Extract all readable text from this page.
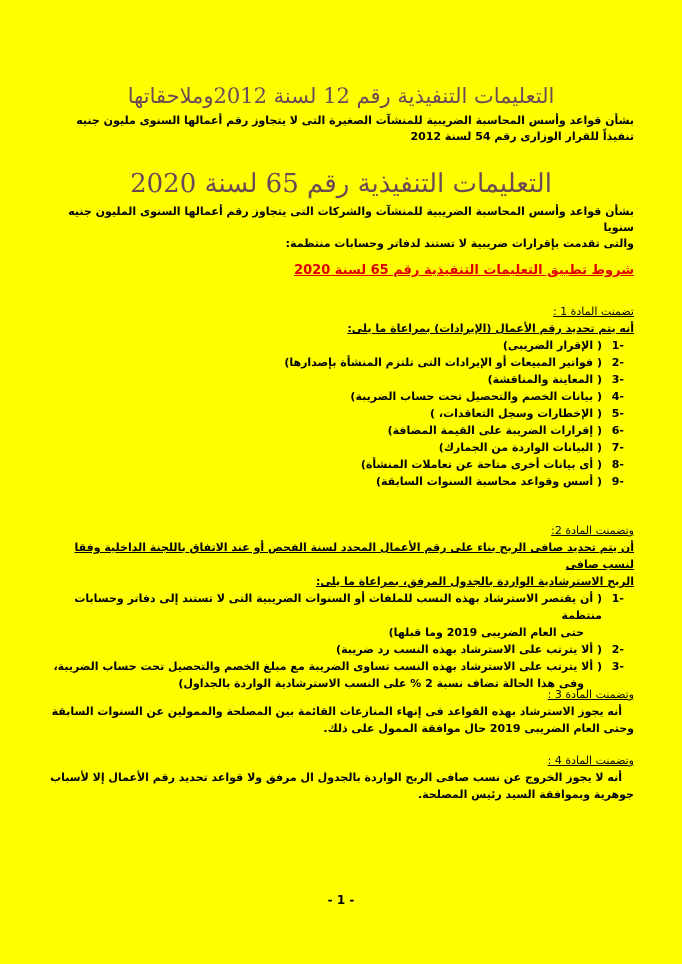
التعليمات التنفيذية رقم 12 لسنة 2012وملاحقاتها
بشأن قواعد وأسس المحاسبة الضريبية للمنشآت الصغيرة التى لا يتجاوز رقم أعمالها السنوى مليون جنيه
تنفيذاً للقرار الوزارى رقم 54 لسنة 2012
التعليمات التنفيذية رقم 65 لسنة 2020
بشأن قواعد وأسس المحاسبة الضريبية للمنشآت والشركات التى يتجاوز رقم أعمالها السنوى المليون جنيه سنويا
والتى تقدمت بإقرارات ضريبية لا تستند لدفاتر وحسابات منتظمة:
شروط تطبيق التعليمات التنفيذية رقم 65 لسنة 2020
تضمنت المادة 1 :
أنه يتم تحديد رقم الأعمال (الإيرادات) بمراعاة ما يلى:
-1
( الإقرار الضريبى)
-2
( فواتير المبيعات أو الإيرادات التى تلتزم المنشأة بإصدارها)
-3
( المعاينة والمناقشة)
-4
( بيانات الخصم والتحصيل تحت حساب الضريبة)
-5
( الإخطارات وسجل التعاقدات، )
-6
( إقرارات الضريبة على القيمة المضافة)
-7
( البيانات الواردة من الجمارك)
-8
( أى بيانات أخرى متاحة عن تعاملات المنشأة)
-9
( أسس وقواعد محاسبة السنوات السابقة)
وتضمنت المادة 2:
أن يتم تحديد صافى الربح بناء على رقم الأعمال المحدد لسنة الفحص أو عند الاتفاق باللجنة الداخلية وفقا لنسب صافى
الربح الاسترشادية الواردة بالجدول المرفق، بمراعاة ما يلى:
-1
( أن يقتصر الاسترشاد بهذه النسب للملفات أو السنوات الضريبية التى لا تستند إلى دفاتر وحسابات منتظمة
حتى العام الضريبى 2019 وما قبلها)
-2
( ألا يترتب على الاسترشاد بهذه النسب رد ضريبة)
-3
( ألا يترتب على الاسترشاد بهذه النسب تساوى الضريبة مع مبلغ الخصم والتحصيل تحت حساب الضريبة،
وفى هذا الحالة تضاف نسبة 2 % على النسب الاسترشادية الواردة بالجداول)
وتضمنت المادة 3 :
أنه يجوز الاسترشاد بهذه القواعد فى إنهاء المنازعات القائمة بين المصلحة والممولين عن السنوات السابقة
وحتى العام الضريبى 2019 حال موافقة الممول على ذلك.
وتضمنت المادة 4 :
أنه لا يجوز الخروج عن نسب صافى الربح الواردة بالجدول ال مرفق ولا قواعد تحديد رقم الأعمال إلا لأسباب
جوهرية وبموافقة السيد رئيس المصلحة.
- 1 -
